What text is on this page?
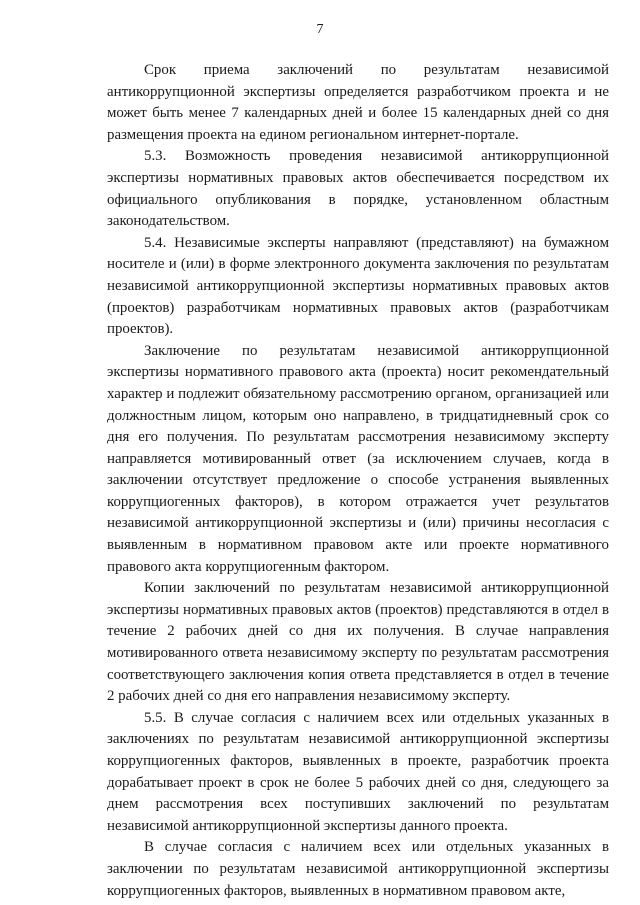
7

Срок приема заключений по результатам независимой антикоррупционной экспертизы определяется разработчиком проекта и не может быть менее 7 календарных дней и более 15 календарных дней со дня размещения проекта на едином региональном интернет-портале.

5.3. Возможность проведения независимой антикоррупционной экспертизы нормативных правовых актов обеспечивается посредством их официального опубликования в порядке, установленном областным законодательством.

5.4. Независимые эксперты направляют (представляют) на бумажном носителе и (или) в форме электронного документа заключения по результатам независимой антикоррупционной экспертизы нормативных правовых актов (проектов) разработчикам нормативных правовых актов (разработчикам проектов).

Заключение по результатам независимой антикоррупционной экспертизы нормативного правового акта (проекта) носит рекомендательный характер и подлежит обязательному рассмотрению органом, организацией или должностным лицом, которым оно направлено, в тридцатидневный срок со дня его получения. По результатам рассмотрения независимому эксперту направляется мотивированный ответ (за исключением случаев, когда в заключении отсутствует предложение о способе устранения выявленных коррупциогенных факторов), в котором отражается учет результатов независимой антикоррупционной экспертизы и (или) причины несогласия с выявленным в нормативном правовом акте или проекте нормативного правового акта коррупциогенным фактором.

Копии заключений по результатам независимой антикоррупционной экспертизы нормативных правовых актов (проектов) представляются в отдел в течение 2 рабочих дней со дня их получения. В случае направления мотивированного ответа независимому эксперту по результатам рассмотрения соответствующего заключения копия ответа представляется в отдел в течение 2 рабочих дней со дня его направления независимому эксперту.

5.5. В случае согласия с наличием всех или отдельных указанных в заключениях по результатам независимой антикоррупционной экспертизы коррупциогенных факторов, выявленных в проекте, разработчик проекта дорабатывает проект в срок не более 5 рабочих дней со дня, следующего за днем рассмотрения всех поступивших заключений по результатам независимой антикоррупционной экспертизы данного проекта.

В случае согласия с наличием всех или отдельных указанных в заключении по результатам независимой антикоррупционной экспертизы коррупциогенных факторов, выявленных в нормативном правовом акте,
